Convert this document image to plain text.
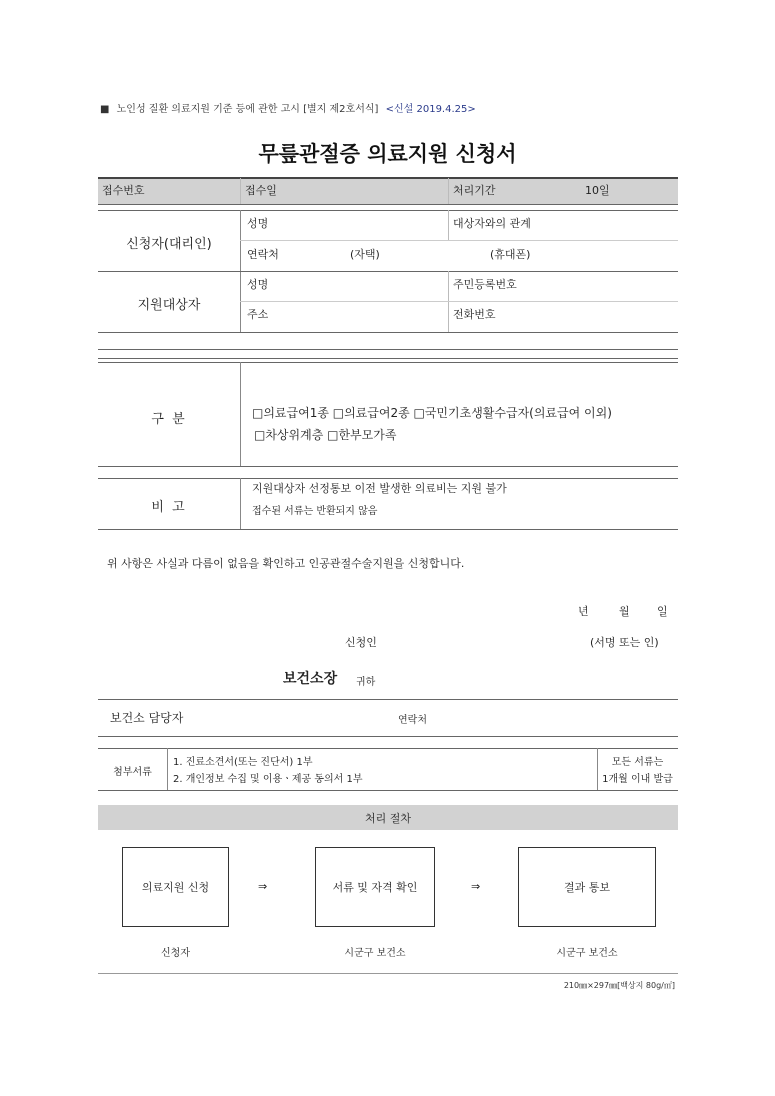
■ 노인성 질환 의료지원 기준 등에 관한 고시 [별지 제2호서식] <신설 2019.4.25>
무릎관절증 의료지원 신청서
접수번호	접수일	처리기간	10일
신청자(대리인)
성명	대상자와의 관계
연락처	(자택)	(휴대폰)
지원대상자
성명	주민등록번호
주소	전화번호
구 분	□의료급여1종 □의료급여2종 □국민기초생활수급자(의료급여 이외)
□차상위계층 □한부모가족
비 고
지원대상자 선정통보 이전 발생한 의료비는 지원 불가
접수된 서류는 반환되지 않음
위 사항은 사실과 다름이 없음을 확인하고 인공관절수술지원을 신청합니다.
년	월 일
신청인	(서명 또는 인)
보건소장 귀하
보건소 담당자	연락처
첨부서류
1. 진료소견서(또는 진단서) 1부
2. 개인정보 수집 및 이용ㆍ제공 동의서 1부
모든 서류는
1개월 이내 발급
처리 절차
의료지원 신청	⇒	서류 및 자격 확인	⇒	결과 통보
신청자	시군구 보건소	시군구 보건소
210㎜×297㎜[백상지 80g/㎡]
